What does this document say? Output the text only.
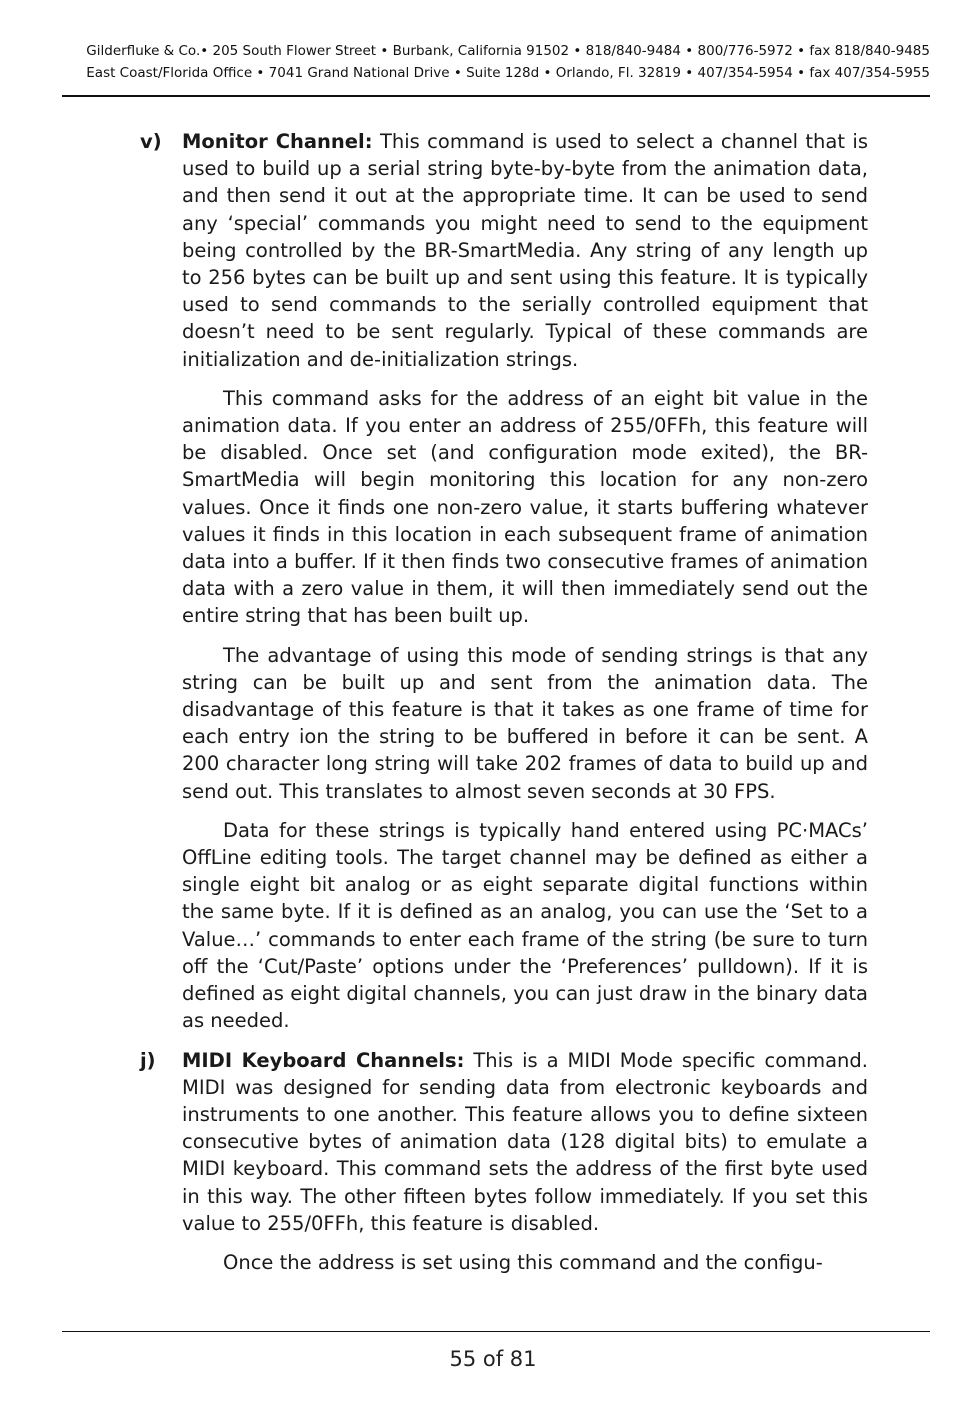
Gilderfluke & Co.• 205 South Flower Street • Burbank, California 91502 • 818/840-9484 • 800/776-5972 • fax 818/840-9485
East Coast/Florida Office • 7041 Grand National Drive • Suite 128d • Orlando, Fl. 32819 • 407/354-5954 • fax 407/354-5955
v) Monitor Channel: This command is used to select a channel that is used to build up a serial string byte-by-byte from the animation data, and then send it out at the appropriate time. It can be used to send any ‘special’ commands you might need to send to the equipment being controlled by the BR-SmartMedia. Any string of any length up to 256 bytes can be built up and sent using this feature. It is typically used to send commands to the serially controlled equipment that doesn’t need to be sent regularly. Typical of these commands are initialization and de-initialization strings.

This command asks for the address of an eight bit value in the animation data. If you enter an address of 255/0FFh, this feature will be disabled. Once set (and configuration mode exited), the BR-SmartMedia will begin monitoring this location for any non-zero values. Once it finds one non-zero value, it starts buffering whatever values it finds in this location in each subsequent frame of animation data into a buffer. If it then finds two consecutive frames of animation data with a zero value in them, it will then immediately send out the entire string that has been built up.

The advantage of using this mode of sending strings is that any string can be built up and sent from the animation data. The disadvantage of this feature is that it takes as one frame of time for each entry ion the string to be buffered in before it can be sent. A 200 character long string will take 202 frames of data to build up and send out. This translates to almost seven seconds at 30 FPS.

Data for these strings is typically hand entered using PC·MACs’ OffLine editing tools. The target channel may be defined as either a single eight bit analog or as eight separate digital functions within the same byte. If it is defined as an analog, you can use the ‘Set to a Value…’ commands to enter each frame of the string (be sure to turn off the ‘Cut/Paste’ options under the ‘Preferences’ pulldown). If it is defined as eight digital channels, you can just draw in the binary data as needed.

j) MIDI Keyboard Channels: This is a MIDI Mode specific command. MIDI was designed for sending data from electronic keyboards and instruments to one another. This feature allows you to define sixteen consecutive bytes of animation data (128 digital bits) to emulate a MIDI keyboard. This command sets the address of the first byte used in this way. The other fifteen bytes follow immediately. If you set this value to 255/0FFh, this feature is disabled.

Once the address is set using this command and the configu-

55 of 81
